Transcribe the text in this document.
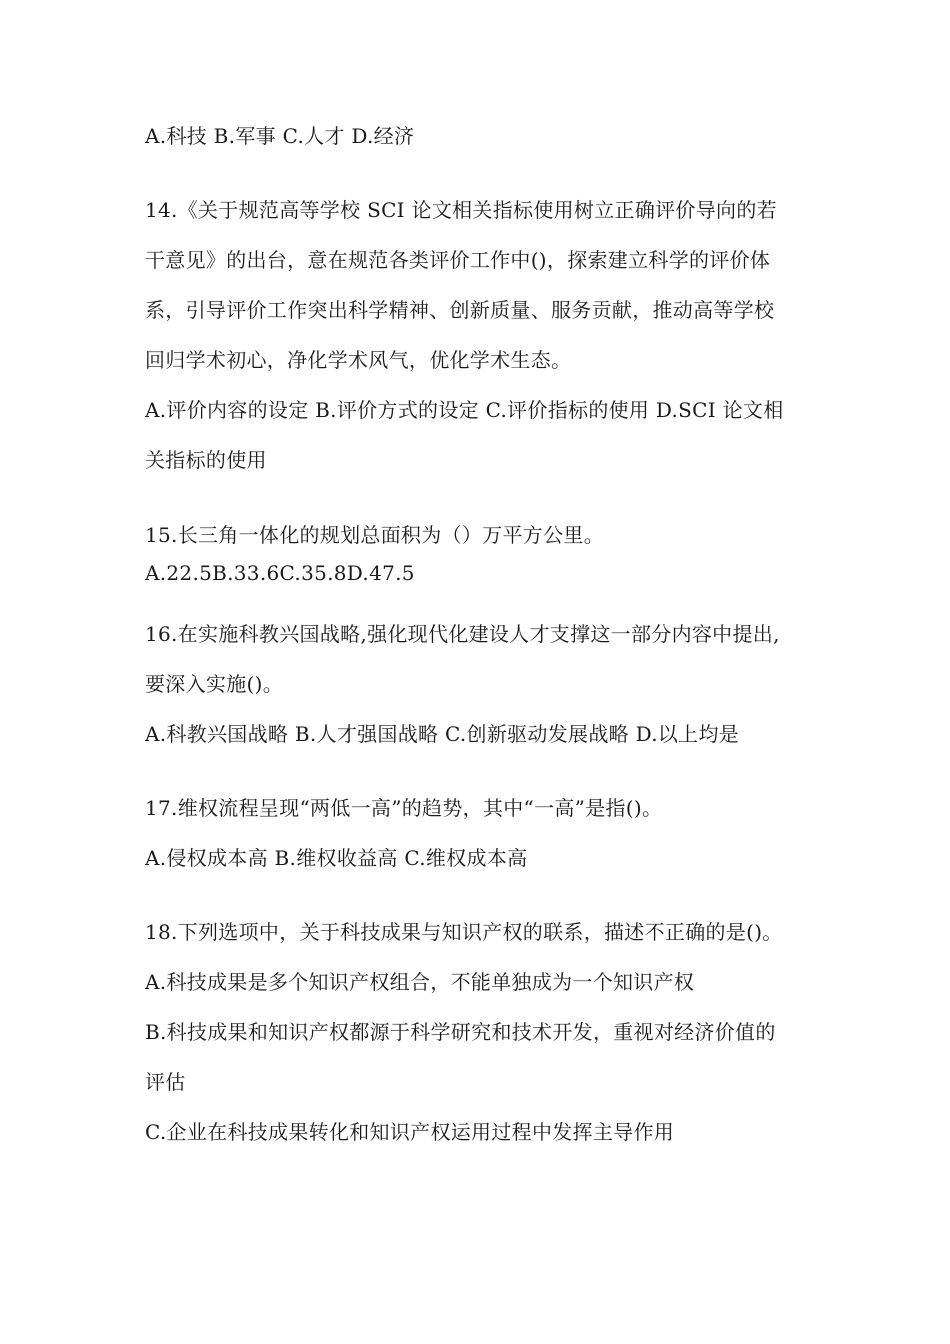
A.科技 B.军事 C.人才 D.经济
14.《关于规范高等学校 SCI 论文相关指标使用树立正确评价导向的若
干意见》的出台，意在规范各类评价工作中()，探索建立科学的评价体
系，引导评价工作突出科学精神、创新质量、服务贡献，推动高等学校
回归学术初心，净化学术风气，优化学术生态。
A.评价内容的设定 B.评价方式的设定 C.评价指标的使用 D.SCI 论文相
关指标的使用
15.长三角一体化的规划总面积为（）万平方公里。
A.22.5B.33.6C.35.8D.47.5
16.在实施科教兴国战略,强化现代化建设人才支撑这一部分内容中提出,
要深入实施()。
A.科教兴国战略 B.人才强国战略 C.创新驱动发展战略 D.以上均是
17.维权流程呈现“两低一高”的趋势，其中“一高”是指()。
A.侵权成本高 B.维权收益高 C.维权成本高
18.下列选项中，关于科技成果与知识产权的联系，描述不正确的是()。
A.科技成果是多个知识产权组合，不能单独成为一个知识产权
B.科技成果和知识产权都源于科学研究和技术开发，重视对经济价值的
评估
C.企业在科技成果转化和知识产权运用过程中发挥主导作用
